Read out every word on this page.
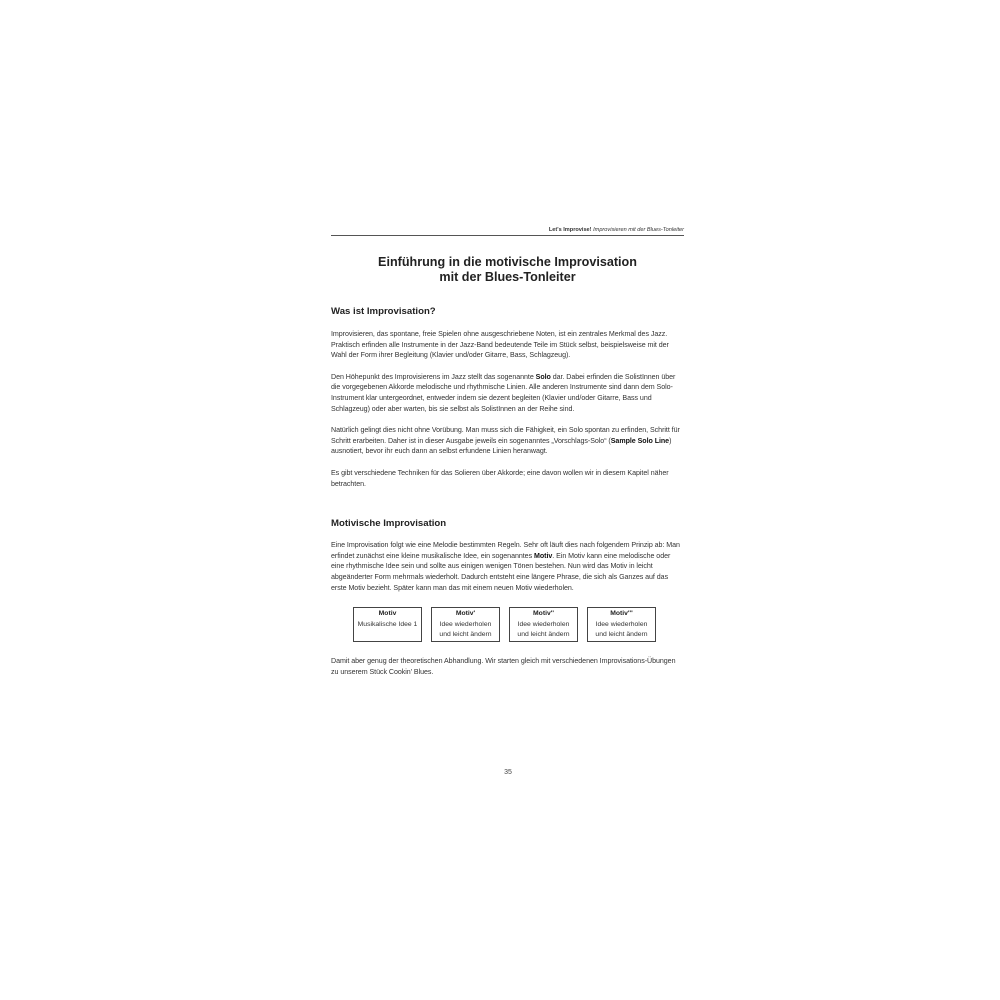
Let's Improvise! Improvisieren mit der Blues-Tonleiter
Einführung in die motivische Improvisation
mit der Blues-Tonleiter
Was ist Improvisation?

Improvisieren, das spontane, freie Spielen ohne ausgeschriebene Noten, ist ein zentrales Merkmal des Jazz. Praktisch erfinden alle Instrumente in der Jazz-Band bedeutende Teile im Stück selbst, beispielsweise mit der Wahl der Form ihrer Begleitung (Klavier und/oder Gitarre, Bass, Schlagzeug).

Den Höhepunkt des Improvisierens im Jazz stellt das sogenannte Solo dar. Dabei erfinden die SolistInnen über die vorgegebenen Akkorde melodische und rhythmische Linien. Alle anderen Instrumente sind dann dem Solo-Instrument klar untergeordnet, entweder indem sie dezent begleiten (Klavier und/oder Gitarre, Bass und Schlagzeug) oder aber warten, bis sie selbst als SolistInnen an der Reihe sind.

Natürlich gelingt dies nicht ohne Vorübung. Man muss sich die Fähigkeit, ein Solo spontan zu erfinden, Schritt für Schritt erarbeiten. Daher ist in dieser Ausgabe jeweils ein sogenanntes „Vorschlags-Solo“ (Sample Solo Line) ausnotiert, bevor ihr euch dann an selbst erfundene Linien heranwagt.

Es gibt verschiedene Techniken für das Solieren über Akkorde; eine davon wollen wir in diesem Kapitel näher betrachten.

Motivische Improvisation

Eine Improvisation folgt wie eine Melodie bestimmten Regeln. Sehr oft läuft dies nach folgendem Prinzip ab: Man erfindet zunächst eine kleine musikalische Idee, ein sogenanntes Motiv. Ein Motiv kann eine melodische oder eine rhythmische Idee sein und sollte aus einigen wenigen Tönen bestehen. Nun wird das Motiv in leicht abgeänderter Form mehrmals wiederholt. Dadurch entsteht eine längere Phrase, die sich als Ganzes auf das erste Motiv bezieht. Später kann man das mit einem neuen Motiv wiederholen.

Motiv
Musikalische Idee 1
Motiv'
Idee wiederholen
und leicht ändern
Motiv''
Idee wiederholen
und leicht ändern
Motiv'''
Idee wiederholen
und leicht ändern

Damit aber genug der theoretischen Abhandlung. Wir starten gleich mit verschiedenen Improvisations-Übungen zu unserem Stück Cookin' Blues.

35
